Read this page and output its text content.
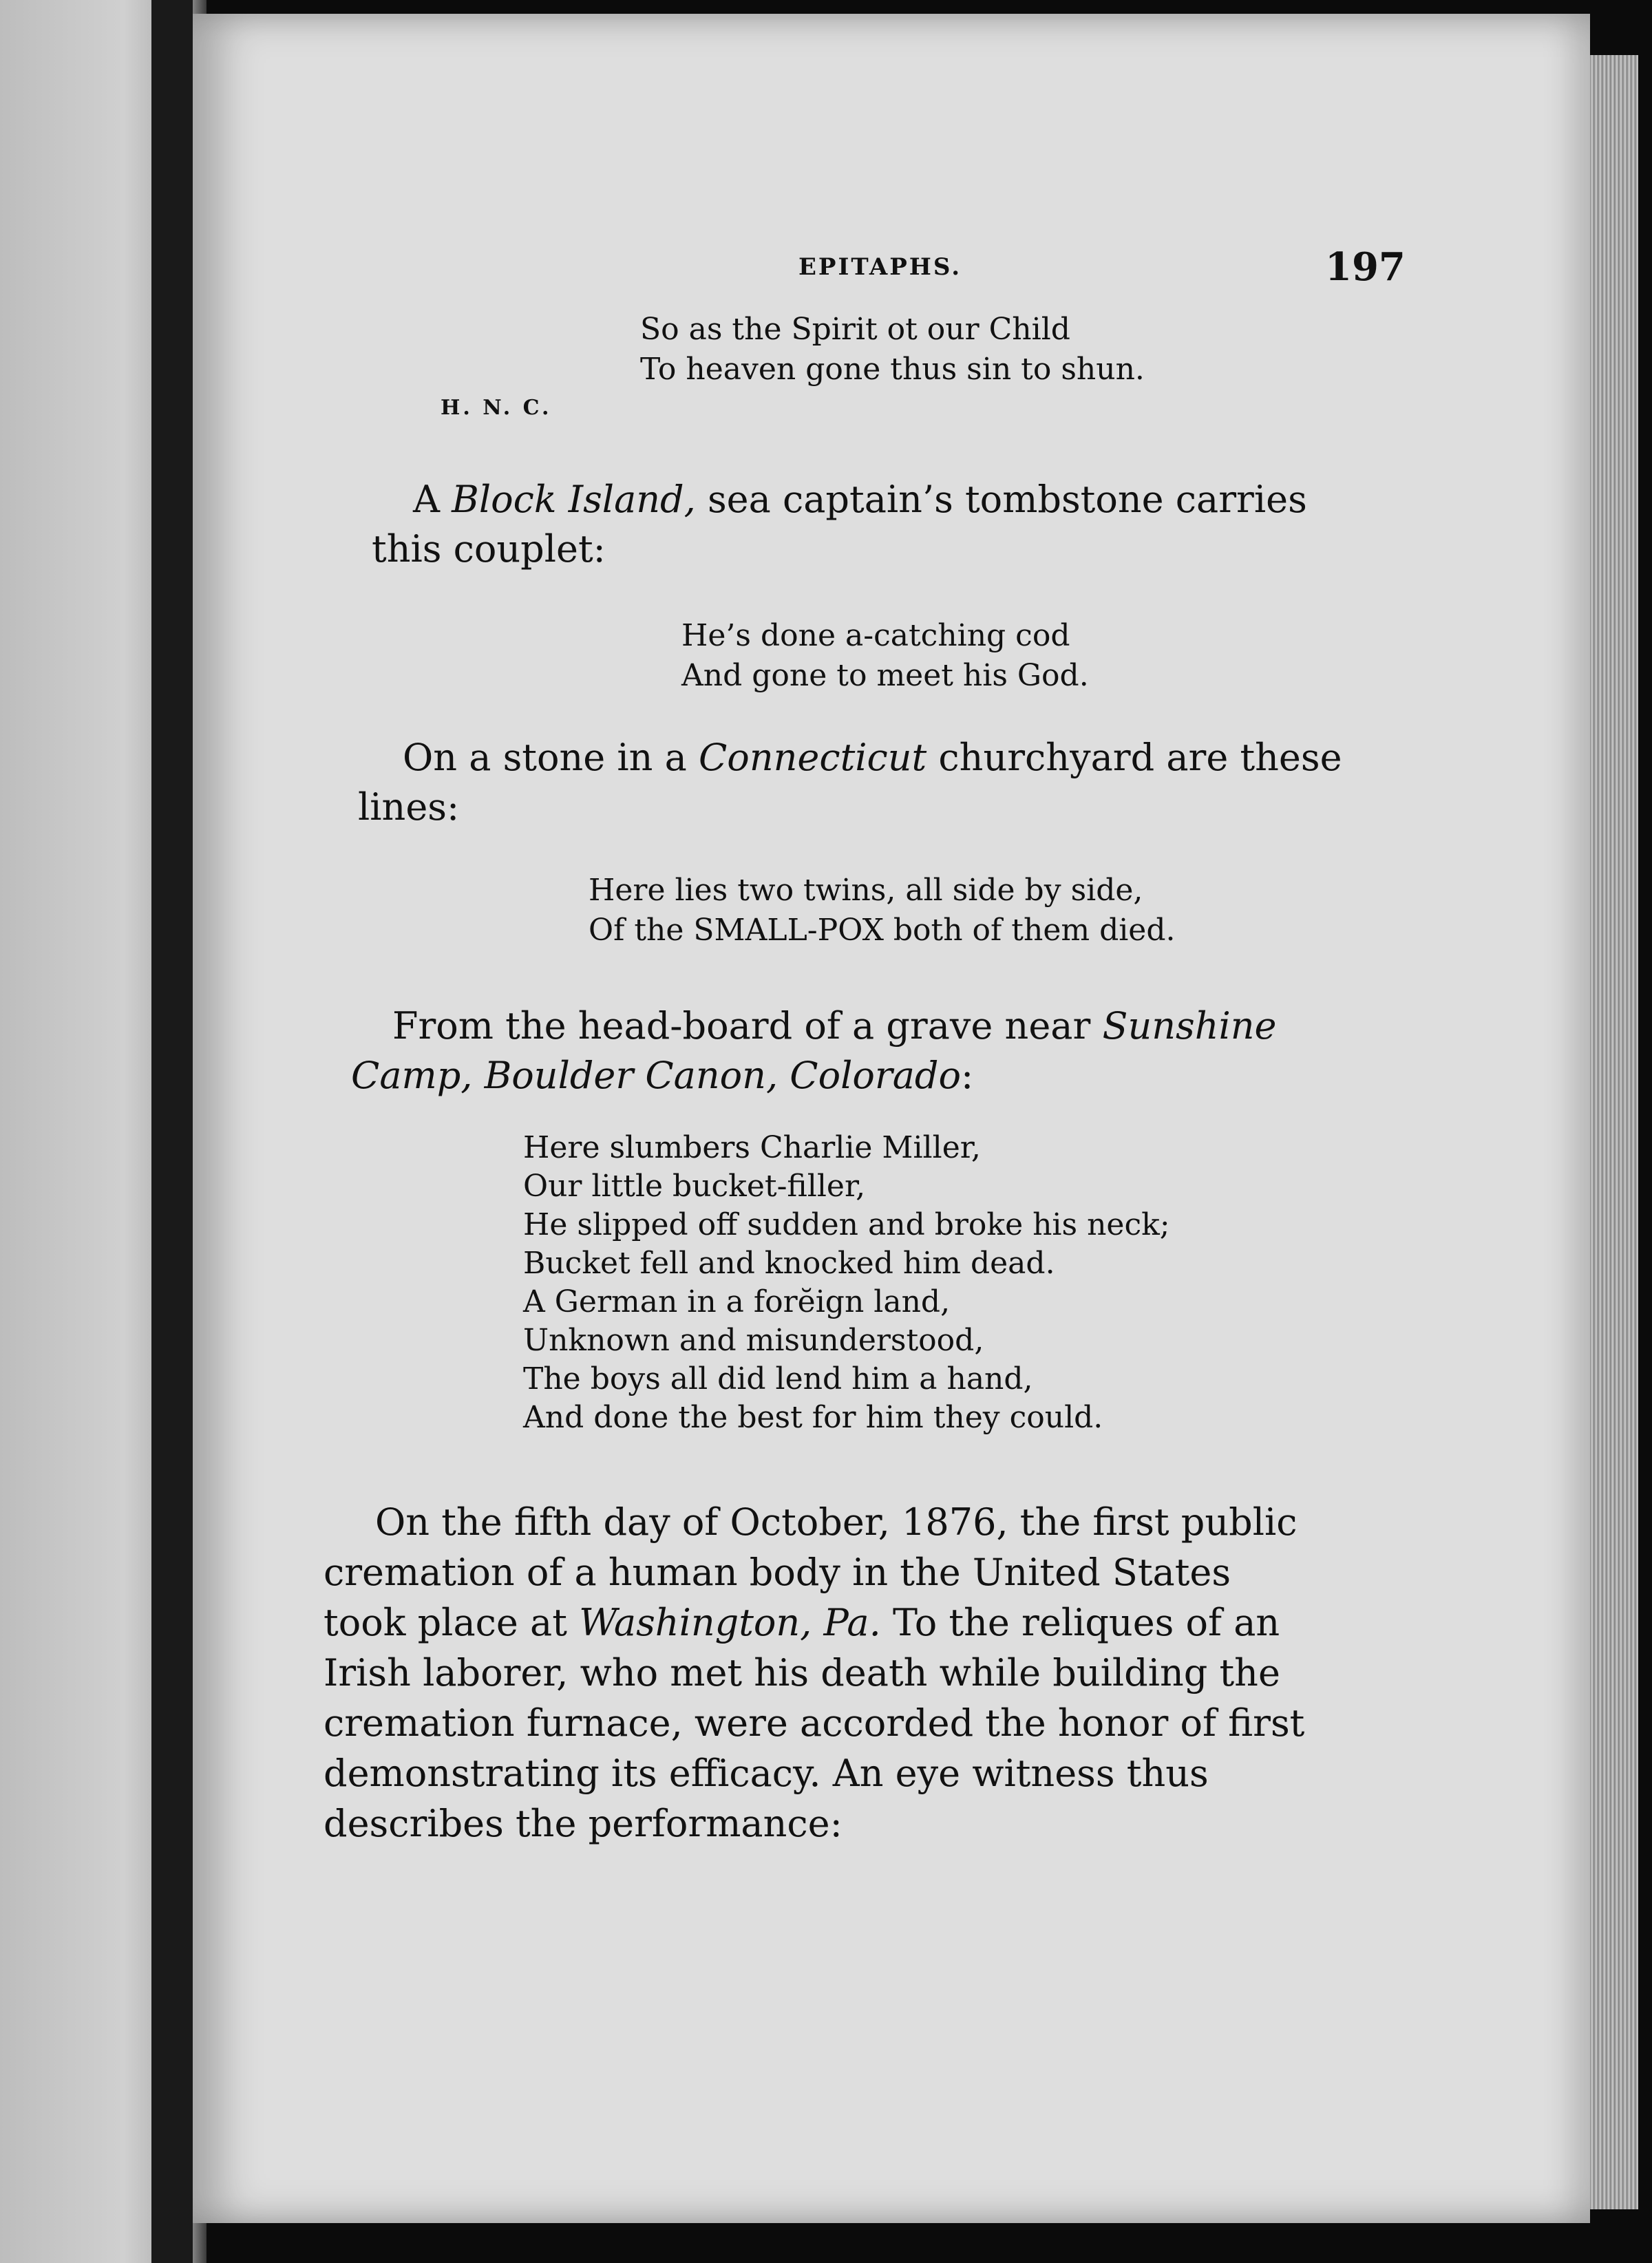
EPITAPHS.	197
So as the Spirit ot our Child
To heaven gone thus sin to shun.
H. N. C.
A Block Island, sea captain’s tombstone carries this couplet:
He’s done a-catching cod
And gone to meet his God.
On a stone in a Connecticut churchyard are these lines:
Here lies two twins, all side by side,
Of the SMALL-POX both of them died.
From the head-board of a grave near Sunshine Camp, Boulder Canon, Colorado:
Here slumbers Charlie Miller,
Our little bucket-filler,
He slipped off sudden and broke his neck;
Bucket fell and knocked him dead.
A German in a forĕign land,
Unknown and misunderstood,
The boys all did lend him a hand,
And done the best for him they could.
On the fifth day of October, 1876, the first public cremation of a human body in the United States took place at Washington, Pa. To the reliques of an Irish laborer, who met his death while building the cremation furnace, were accorded the honor of first demonstrating its efficacy. An eye witness thus describes the performance:
